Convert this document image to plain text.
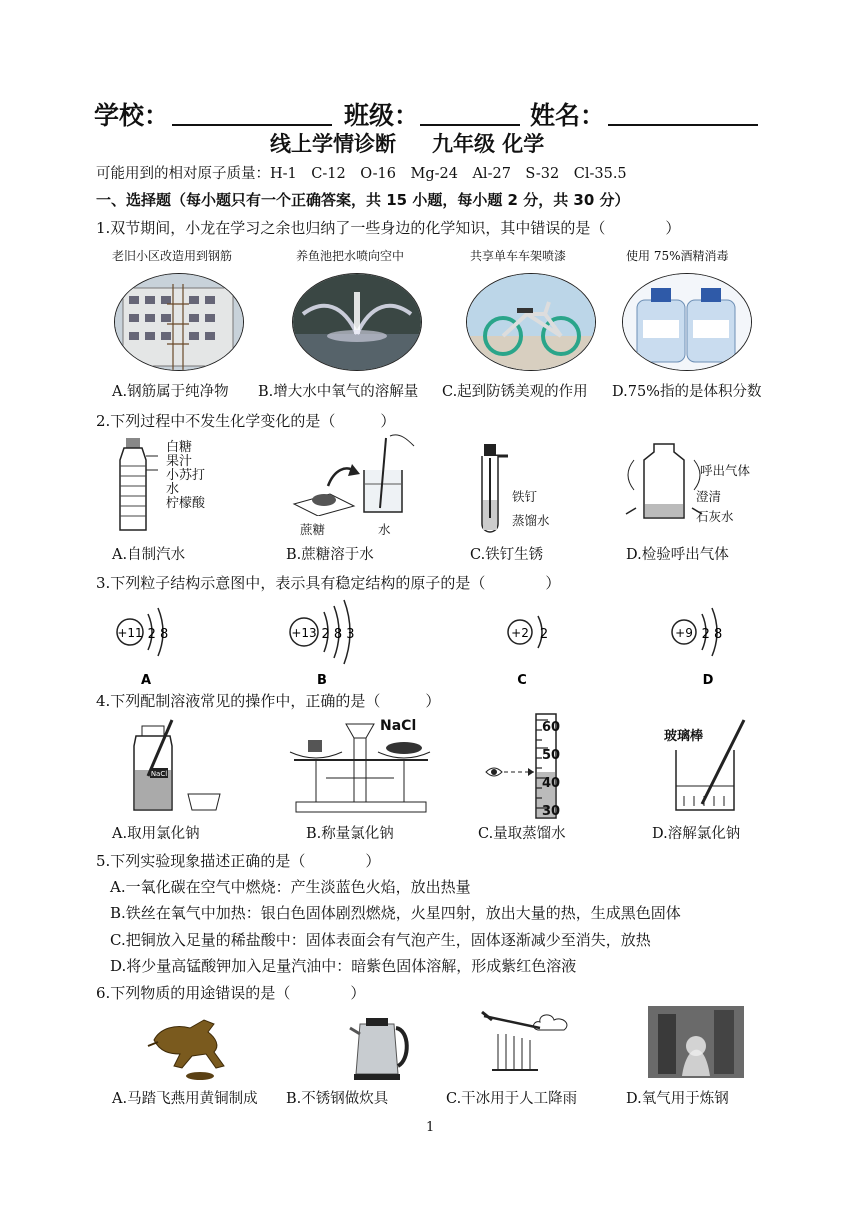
学校：	班级：	姓名：
线上学情诊断 九年级 化学
可能用到的相对原子质量：H-1　C-12　O-16　Mg-24　Al-27　S-32　Cl-35.5
一、选择题（每小题只有一个正确答案，共 15 小题，每小题 2 分，共 30 分）
1.双节期间，小龙在学习之余也归纳了一些身边的化学知识，其中错误的是（　　　　）
老旧小区改造用到钢筋	养鱼池把水喷向空中	共享单车车架喷漆	使用 75%酒精消毒
A.钢筋属于纯净物 B.增大水中氧气的溶解量 C.起到防锈美观的作用 D.75%指的是体积分数
2.下列过程中不发生化学变化的是（　　　）
白糖
果汁
小苏打
水
柠檬酸
蔗糖	水
铁钉
蒸馏水
呼出气体
澄清
石灰水
A.自制汽水	B.蔗糖溶于水	C.铁钉生锈	D.检验呼出气体
3.下列粒子结构示意图中，表示具有稳定结构的原子的是（　　　　）
+11 2 8
A
+13 2 8 3
B
+2 2
C
+9 2 8
D
4.下列配制溶液常见的操作中，正确的是（　　　）
NaCl
NaCl	60
50
40
30
玻璃棒
A.取用氯化钠	B.称量氯化钠	C.量取蒸馏水	D.溶解氯化钠
5.下列实验现象描述正确的是（　　　　）
A.一氧化碳在空气中燃烧：产生淡蓝色火焰，放出热量
B.铁丝在氧气中加热：银白色固体剧烈燃烧，火星四射，放出大量的热，生成黑色固体
C.把铜放入足量的稀盐酸中：固体表面会有气泡产生，固体逐渐减少至消失，放热
D.将少量高锰酸钾加入足量汽油中：暗紫色固体溶解，形成紫红色溶液
6.下列物质的用途错误的是（　　　　）
A.马踏飞燕用黄铜制成 B.不锈钢做炊具	C.干冰用于人工降雨	D.氧气用于炼钢
1
